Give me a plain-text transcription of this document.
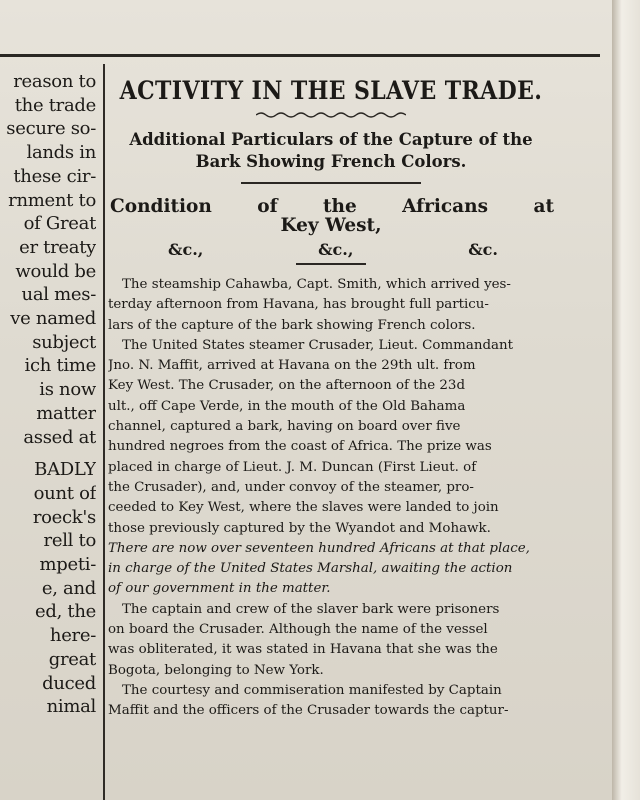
reason to
the trade
secure so-
lands in
these cir-
rnment to
of Great
er treaty
would be
ual mes-
ve named
subject
ich time
is now
matter
assed at
BADLY
ount of
roeck's
rell to
mpeti-
e, and
ed, the
here-
great
duced
nimal
ACTIVITY IN THE SLAVE TRADE.
Additional Particulars of the Capture of the
Bark Showing French Colors.
Condition of the Africans at
Key West,
&c.,	&c.,	&c.
The steamship Cahawba, Capt. Smith, which arrived yes-
terday afternoon from Havana, has brought full particu-
lars of the capture of the bark showing French colors.
The United States steamer Crusader, Lieut. Commandant
Jno. N. Maffit, arrived at Havana on the 29th ult. from
Key West. The Crusader, on the afternoon of the 23d
ult., off Cape Verde, in the mouth of the Old Bahama
channel, captured a bark, having on board over five
hundred negroes from the coast of Africa. The prize was
placed in charge of Lieut. J. M. Duncan (First Lieut. of
the Crusader), and, under convoy of the steamer, pro-
ceeded to Key West, where the slaves were landed to join
those previously captured by the Wyandot and Mohawk.
There are now over seventeen hundred Africans at that place,
in charge of the United States Marshal, awaiting the action
of our government in the matter.
The captain and crew of the slaver bark were prisoners
on board the Crusader. Although the name of the vessel
was obliterated, it was stated in Havana that she was the
Bogota, belonging to New York.
The courtesy and commiseration manifested by Captain
Maffit and the officers of the Crusader towards the captur-
